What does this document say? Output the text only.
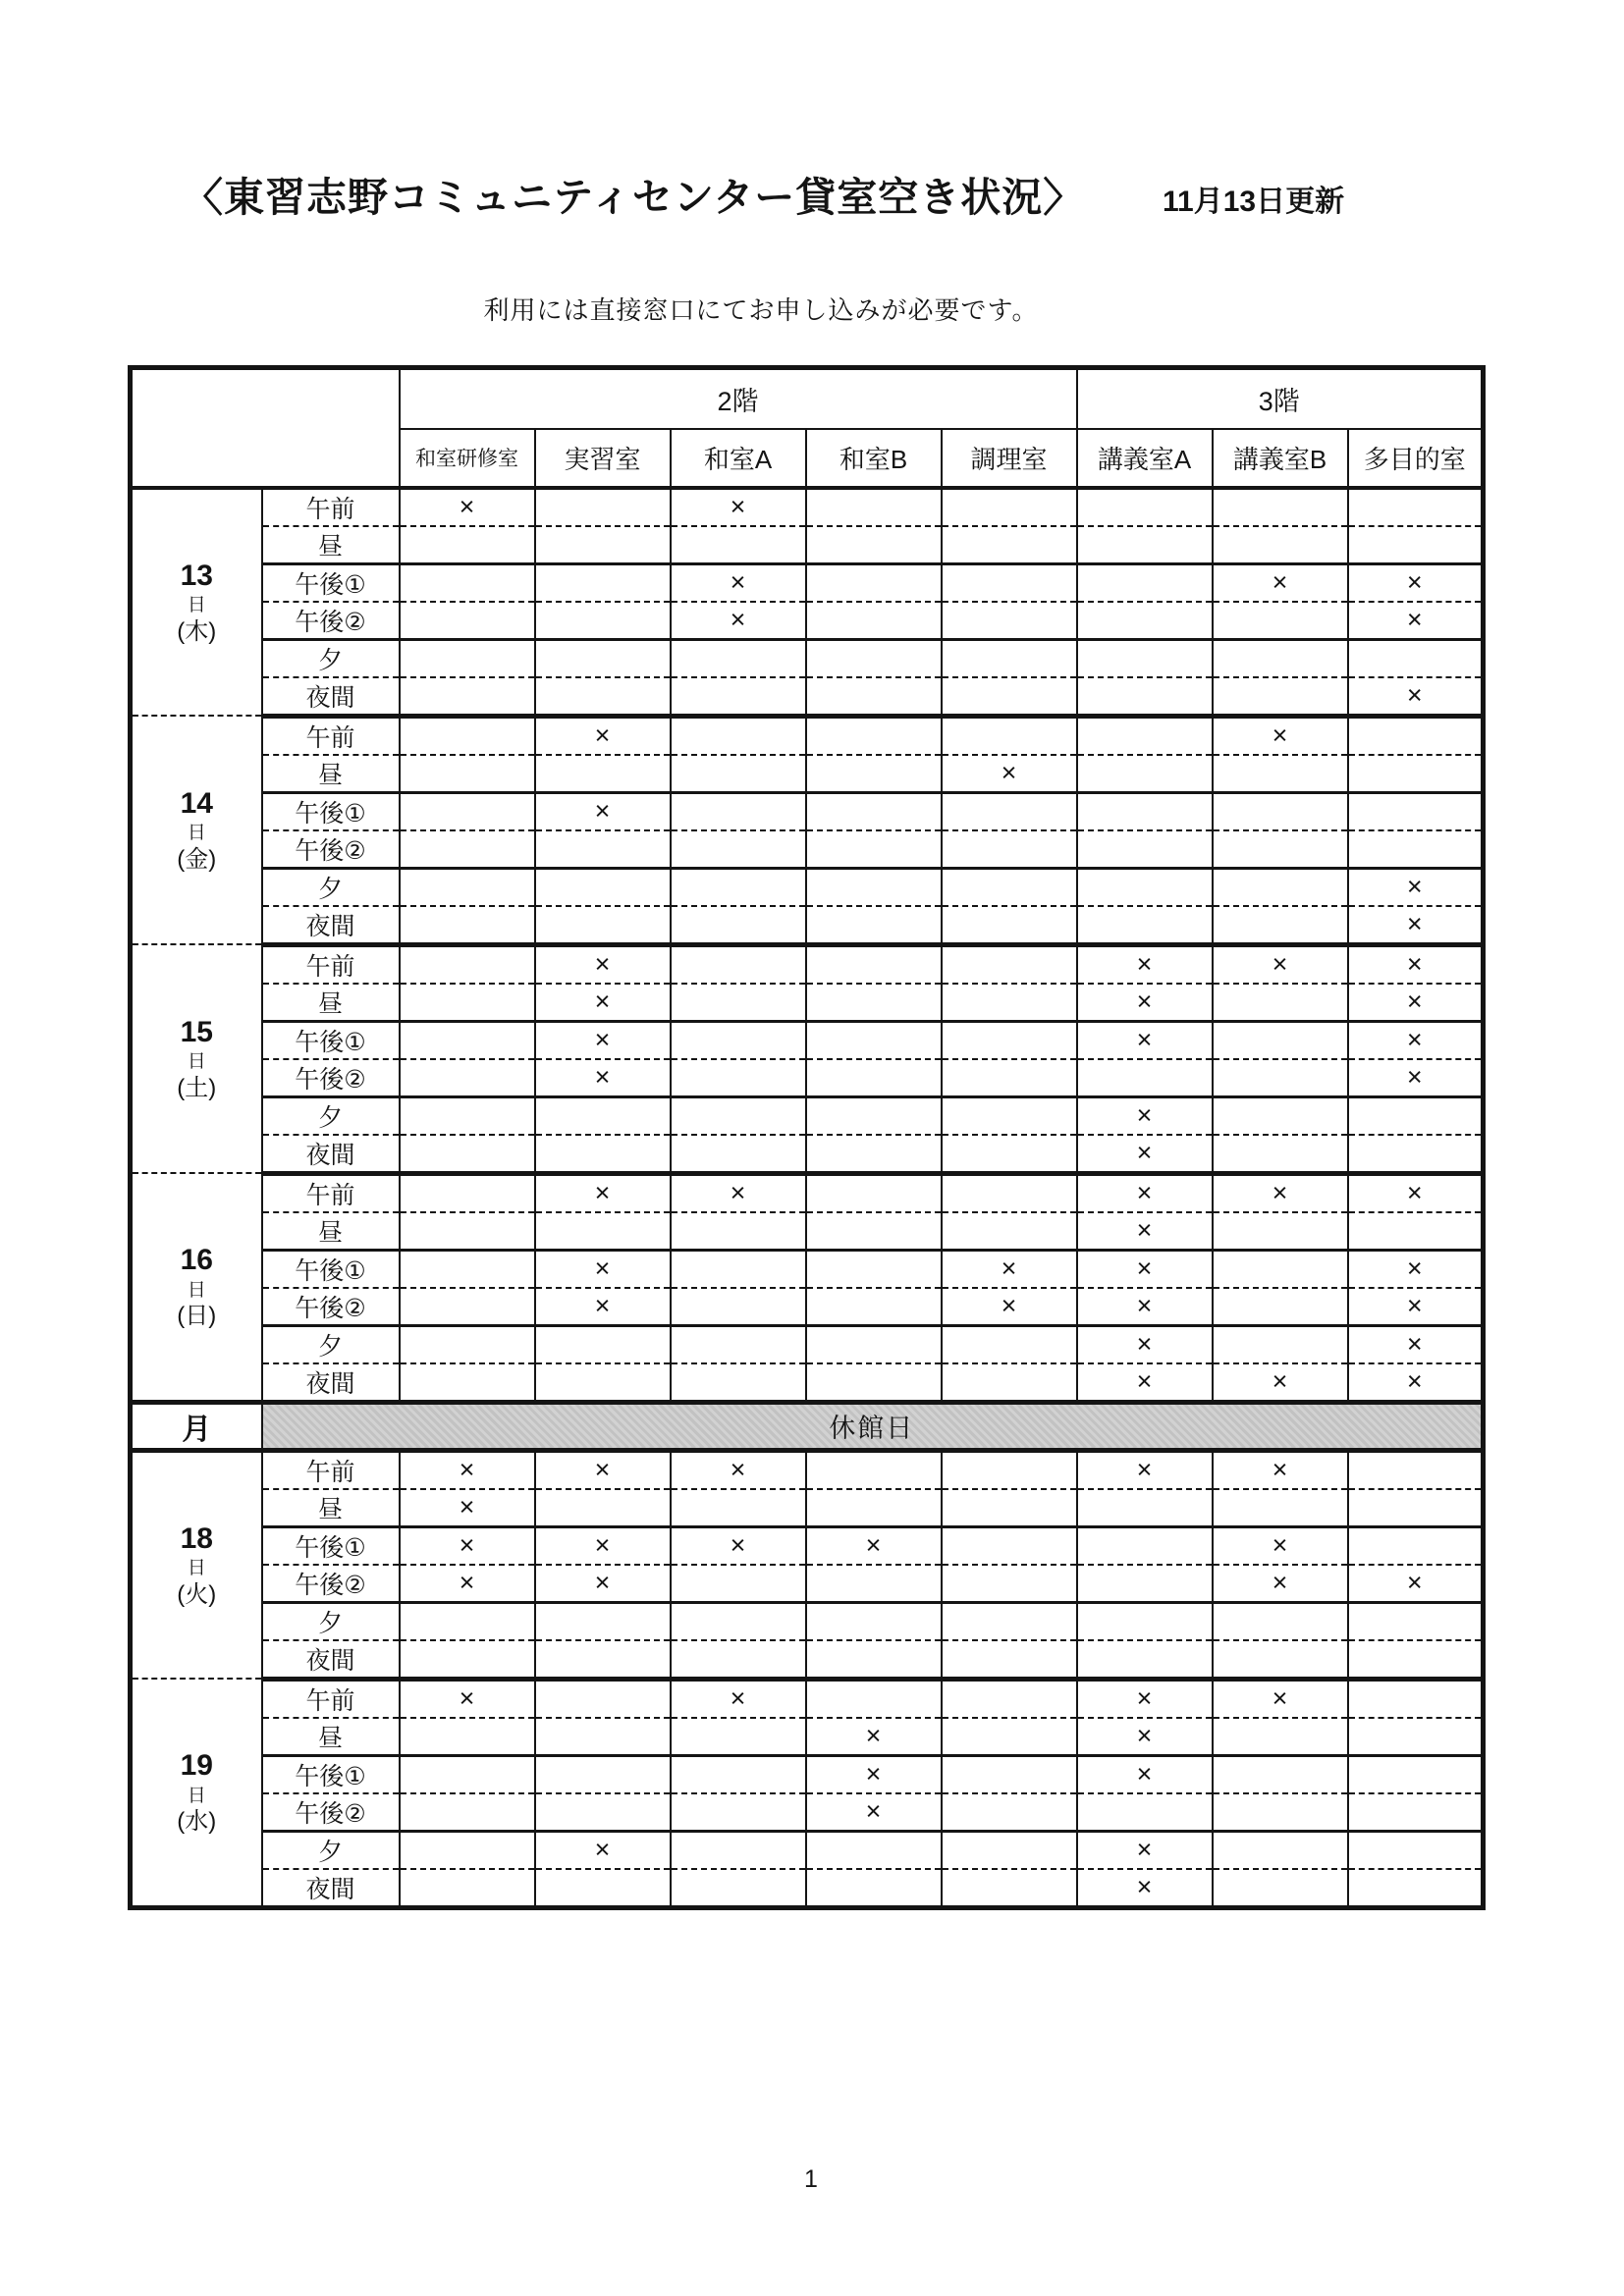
〈東習志野コミュニティセンター貸室空き状況〉	11月13日更新
利用には直接窓口にてお申し込みが必要です。
		2階					3階		
		和室研修室	実習室	和室A	和室B	調理室	講義室A	講義室B	多目的室

13
日
(木)	午前	×		×					
	昼								
	午後①			×				×	×
	午後②			×					×
	夕								
	夜間								×

14
日
(金)	午前		×					×	
	昼					×			
	午後①		×						
	午後②								
	夕								×
	夜間								×

15
日
(土)	午前		×				×	×	×
	昼		×				×		×
	午後①		×				×		×
	午後②		×						×
	夕						×		
	夜間						×		

16
日
(日)	午前		×	×			×	×	×
	昼						×		
	午後①		×			×	×		×
	午後②		×			×	×		×
	夕						×		×
	夜間						×	×	×
月	休館日								

18
日
(火)	午前	×	×	×			×	×	
	昼	×							
	午後①	×	×	×	×			×	
	午後②	×	×					×	×
	夕								
	夜間								

19
日
(水)	午前	×		×			×	×	
	昼				×		×		
	午後①				×		×		
	午後②				×				
	夕		×				×		
	夜間						×		
1
